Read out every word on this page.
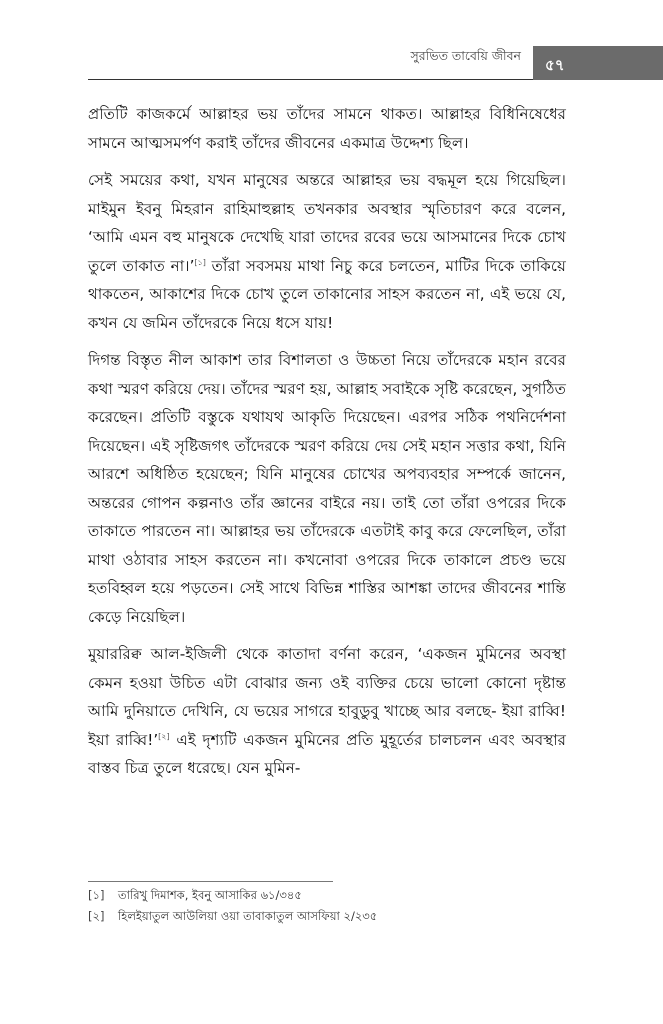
সুরভিত তাবেয়ি জীবন
৫৭

প্রতিটি কাজকর্মে আল্লাহর ভয় তাঁদের সামনে থাকত। আল্লাহর বিধিনিষেধের সামনে আত্মসমর্পণ করাই তাঁদের জীবনের একমাত্র উদ্দেশ্য ছিল।

সেই সময়ের কথা, যখন মানুষের অন্তরে আল্লাহর ভয় বদ্ধমূল হয়ে গিয়েছিল। মাইমুন ইবনু মিহরান রাহিমাহুল্লাহ তখনকার অবস্থার স্মৃতিচারণ করে বলেন, ‘আমি এমন বহু মানুষকে দেখেছি যারা তাদের রবের ভয়ে আসমানের দিকে চোখ তুলে তাকাত না।’[১] তাঁরা সবসময় মাথা নিচু করে চলতেন, মাটির দিকে তাকিয়ে থাকতেন, আকাশের দিকে চোখ তুলে তাকানোর সাহস করতেন না, এই ভয়ে যে, কখন যে জমিন তাঁদেরকে নিয়ে ধসে যায়!

দিগন্ত বিস্তৃত নীল আকাশ তার বিশালতা ও উচ্চতা নিয়ে তাঁদেরকে মহান রবের কথা স্মরণ করিয়ে দেয়। তাঁদের স্মরণ হয়, আল্লাহ সবাইকে সৃষ্টি করেছেন, সুগঠিত করেছেন। প্রতিটি বস্তুকে যথাযথ আকৃতি দিয়েছেন। এরপর সঠিক পথনির্দেশনা দিয়েছেন। এই সৃষ্টিজগৎ তাঁদেরকে স্মরণ করিয়ে দেয় সেই মহান সত্তার কথা, যিনি আরশে অধিষ্ঠিত হয়েছেন; যিনি মানুষের চোখের অপব্যবহার সম্পর্কে জানেন, অন্তরের গোপন কল্পনাও তাঁর জ্ঞানের বাইরে নয়। তাই তো তাঁরা ওপরের দিকে তাকাতে পারতেন না। আল্লাহর ভয় তাঁদেরকে এতটাই কাবু করে ফেলেছিল, তাঁরা মাথা ওঠাবার সাহস করতেন না। কখনোবা ওপরের দিকে তাকালে প্রচণ্ড ভয়ে হতবিহ্বল হয়ে পড়তেন। সেই সাথে বিভিন্ন শাস্তির আশঙ্কা তাদের জীবনের শান্তি কেড়ে নিয়েছিল।

মুয়াররিক্ব আল-ইজিলী থেকে কাতাদা বর্ণনা করেন, ‘একজন মুমিনের অবস্থা কেমন হওয়া উচিত এটা বোঝার জন্য ওই ব্যক্তির চেয়ে ভালো কোনো দৃষ্টান্ত আমি দুনিয়াতে দেখিনি, যে ভয়ের সাগরে হাবুডুবু খাচ্ছে আর বলছে- ইয়া রাব্বি! ইয়া রাব্বি!’[২] এই দৃশ্যটি একজন মুমিনের প্রতি মুহূর্তের চালচলন এবং অবস্থার বাস্তব চিত্র তুলে ধরেছে। যেন মুমিন-

[১] তারিখু দিমাশক, ইবনু আসাকির ৬১/৩৪৫
[২] হিলইয়াতুল আউলিয়া ওয়া তাবাকাতুল আসফিয়া ২/২৩৫
